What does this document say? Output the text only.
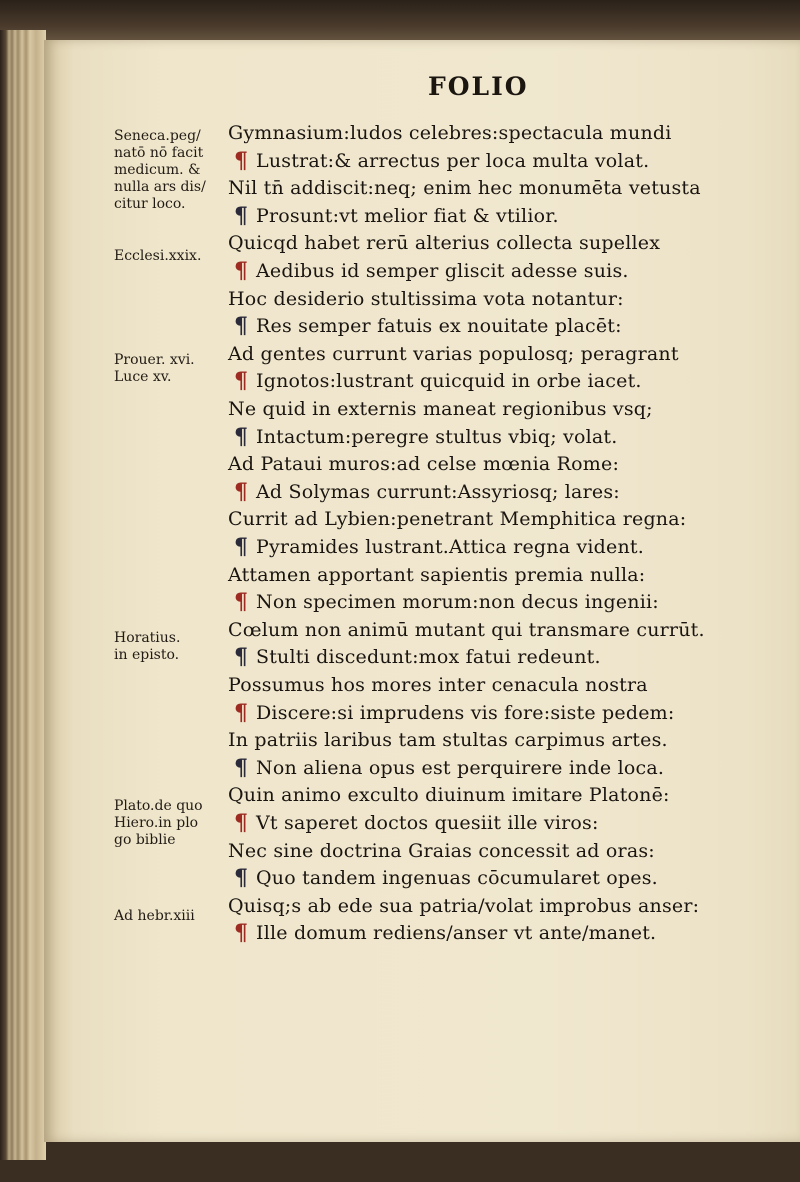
FOLIO
Seneca.peg/
natō nō facit
medicum. &
nulla ars dis/
citur loco.
Ecclesi.xxix.
Prouer. xvi.
Luce xv.
Horatius.
in episto.
Plato.de quo
Hiero.in plo
go biblie
Ad hebr.xiii
Gymnasium:ludos celebres:spectacula mundi
¶ Lustrat:& arrectus per loca multa volat.
Nil tn̄ addiscit:neq; enim hec monumēta vetusta
¶ Prosunt:vt melior fiat & vtilior.
Quicqd habet rerū alterius collecta supellex
¶ Aedibus id semper gliscit adesse suis.
Hoc desiderio stultissima vota notantur:
¶ Res semper fatuis ex nouitate placēt:
Ad gentes currunt varias populosq; peragrant
¶ Ignotos:lustrant quicquid in orbe iacet.
Ne quid in externis maneat regionibus vsq;
¶ Intactum:peregre stultus vbiq; volat.
Ad Pataui muros:ad celse mœnia Rome:
¶ Ad Solymas currunt:Assyriosq; lares:
Currit ad Lybien:penetrant Memphitica regna:
¶ Pyramides lustrant.Attica regna vident.
Attamen apportant sapientis premia nulla:
¶ Non specimen morum:non decus ingenii:
Cœlum non animū mutant qui transmare currūt.
¶ Stulti discedunt:mox fatui redeunt.
Possumus hos mores inter cenacula nostra
¶ Discere:si imprudens vis fore:siste pedem:
In patriis laribus tam stultas carpimus artes.
¶ Non aliena opus est perquirere inde loca.
Quin animo exculto diuinum imitare Platonē:
¶ Vt saperet doctos quesiit ille viros:
Nec sine doctrina Graias concessit ad oras:
¶ Quo tandem ingenuas cōcumularet opes.
Quisq;s ab ede sua patria/volat improbus anser:
¶ Ille domum rediens/anser vt ante/manet.
